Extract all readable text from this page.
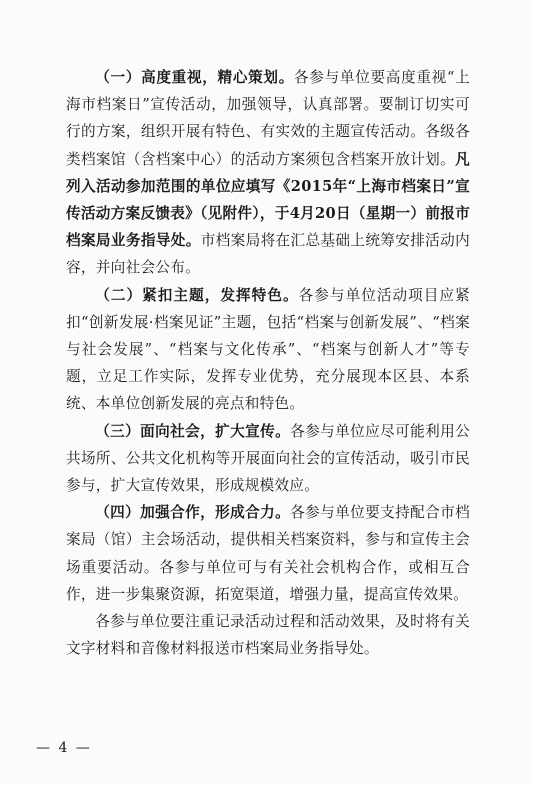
（一）高度重视，精心策划。各参与单位要高度重视“上海市档案日”宣传活动，加强领导，认真部署。要制订切实可行的方案，组织开展有特色、有实效的主题宣传活动。各级各类档案馆（含档案中心）的活动方案须包含档案开放计划。凡列入活动参加范围的单位应填写《2015年“上海市档案日”宣传活动方案反馈表》（见附件），于4月20日（星期一）前报市档案局业务指导处。市档案局将在汇总基础上统筹安排活动内容，并向社会公布。

（二）紧扣主题，发挥特色。各参与单位活动项目应紧扣“创新发展·档案见证”主题，包括“档案与创新发展”、“档案与社会发展”、“档案与文化传承”、“档案与创新人才”等专题，立足工作实际，发挥专业优势，充分展现本区县、本系统、本单位创新发展的亮点和特色。

（三）面向社会，扩大宣传。各参与单位应尽可能利用公共场所、公共文化机构等开展面向社会的宣传活动，吸引市民参与，扩大宣传效果，形成规模效应。

（四）加强合作，形成合力。各参与单位要支持配合市档案局（馆）主会场活动，提供相关档案资料，参与和宣传主会场重要活动。各参与单位可与有关社会机构合作，或相互合作，进一步集聚资源，拓宽渠道，增强力量，提高宣传效果。

各参与单位要注重记录活动过程和活动效果，及时将有关文字材料和音像材料报送市档案局业务指导处。

— 4 —
